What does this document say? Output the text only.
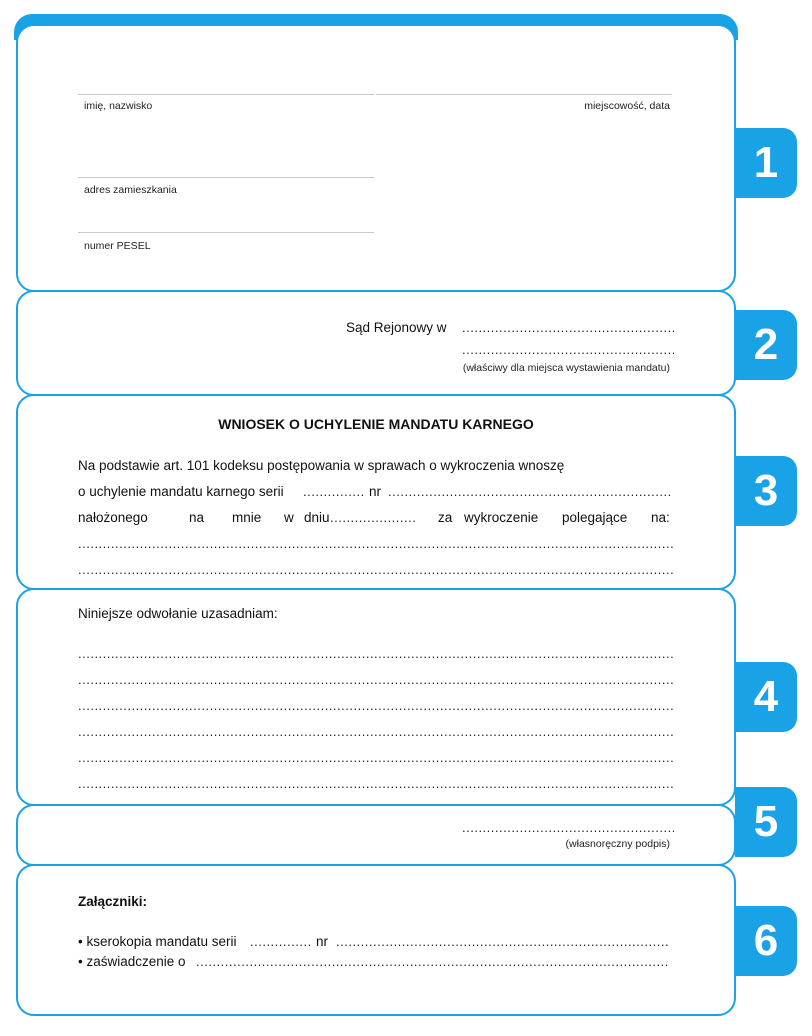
imię, nazwisko	miejscowość, data
adres zamieszkania
numer PESEL
Sąd Rejonowy w
.....
.....
(właściwy dla miejsca wystawienia mandatu)
WNIOSEK O UCHYLENIE MANDATU KARNEGO
Na podstawie art. 101 kodeksu postępowania w sprawach o wykroczenia wnoszę
o uchylenie mandatu karnego serii .....	nr
.....
nałożonego	na mnie w dniu .....	za wykroczenie polegające na:
.....
.....
Niniejsze odwołanie uzasadniam:
.....
.....
.....
.....
.....
.....
.....
(własnoręczny podpis)
Załączniki:
• kserokopia mandatu serii .....	nr
.....
• zaświadczenie o
.....
1
2
3
4
5
6
